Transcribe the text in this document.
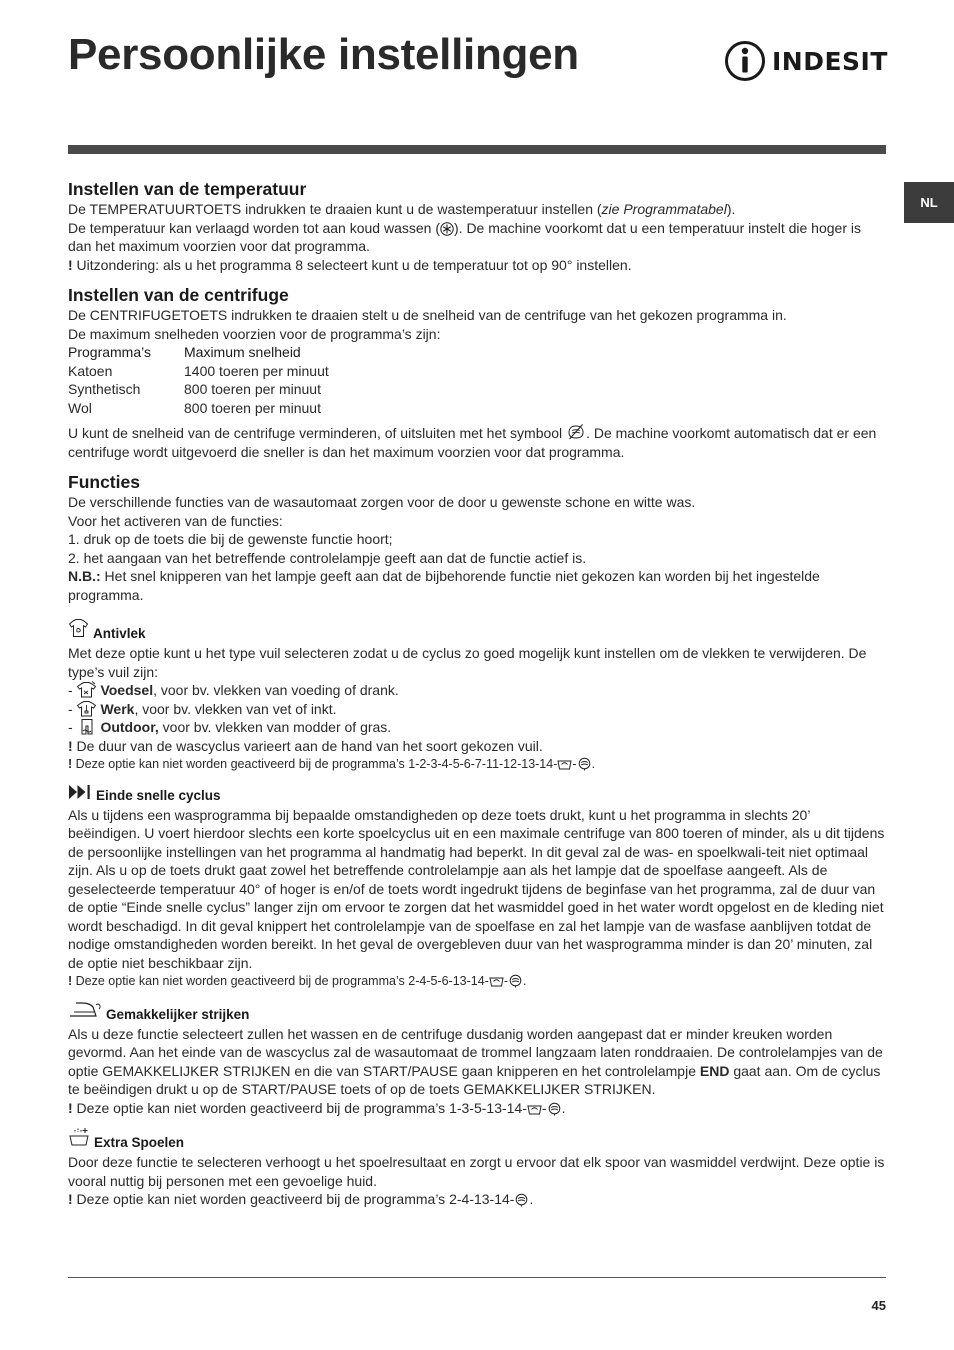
Persoonlijke instellingen	INDESIT
NL
Instellen van de temperatuur

De TEMPERATUURTOETS indrukken te draaien kunt u de wastemperatuur instellen (zie Programmatabel).

De temperatuur kan verlaagd worden tot aan koud wassen ( ). De machine voorkomt dat u een temperatuur instelt die hoger is dan het maximum voorzien voor dat programma.

! Uitzondering: als u het programma 8 selecteert kunt u de temperatuur tot op 90° instellen.

Instellen van de centrifuge

De CENTRIFUGETOETS indrukken te draaien stelt u de snelheid van de centrifuge van het gekozen programma in.

De maximum snelheden voorzien voor de programma’s zijn:

Programma’s	Maximum snelheid
Katoen	1400 toeren per minuut
Synthetisch	800 toeren per minuut
Wol	800 toeren per minuut

U kunt de snelheid van de centrifuge verminderen, of uitsluiten met het symbool . De machine voorkomt automatisch dat er een centrifuge wordt uitgevoerd die sneller is dan het maximum voorzien voor dat programma.

Functies

De verschillende functies van de wasautomaat zorgen voor de door u gewenste schone en witte was.

Voor het activeren van de functies:

1. druk op de toets die bij de gewenste functie hoort;

2. het aangaan van het betreffende controlelampje geeft aan dat de functie actief is.

N.B.: Het snel knipperen van het lampje geeft aan dat de bijbehorende functie niet gekozen kan worden bij het ingestelde programma.

Antivlek

Met deze optie kunt u het type vuil selecteren zodat u de cyclus zo goed mogelijk kunt instellen om de vlekken te verwijderen. De type’s vuil zijn:

- Voedsel, voor bv. vlekken van voeding of drank.

- Werk, voor bv. vlekken van vet of inkt.

- Outdoor, voor bv. vlekken van modder of gras.

! De duur van de wascyclus varieert aan de hand van het soort gekozen vuil.

! Deze optie kan niet worden geactiveerd bij de programma’s 1-2-3-4-5-6-7-11-12-13-14- - .

Einde snelle cyclus

Als u tijdens een wasprogramma bij bepaalde omstandigheden op deze toets drukt, kunt u het programma in slechts 20’ beëindigen. U voert hierdoor slechts een korte spoelcyclus uit en een maximale centrifuge van 800 toeren of minder, als u dit tijdens de persoonlijke instellingen van het programma al handmatig had beperkt. In dit geval zal de was- en spoelkwali-teit niet optimaal zijn. Als u op de toets drukt gaat zowel het betreffende controlelampje aan als het lampje dat de spoelfase aangeeft. Als de geselecteerde temperatuur 40° of hoger is en/of de toets wordt ingedrukt tijdens de beginfase van het programma, zal de duur van de optie “Einde snelle cyclus” langer zijn om ervoor te zorgen dat het wasmiddel goed in het water wordt opgelost en de kleding niet wordt beschadigd. In dit geval knippert het controlelampje van de spoelfase en zal het lampje van de wasfase aanblijven totdat de nodige omstandigheden worden bereikt. In het geval de overgebleven duur van het wasprogramma minder is dan 20’ minuten, zal de optie niet beschikbaar zijn.

! Deze optie kan niet worden geactiveerd bij de programma’s 2-4-5-6-13-14- - .

Gemakkelijker strijken

Als u deze functie selecteert zullen het wassen en de centrifuge dusdanig worden aangepast dat er minder kreuken worden gevormd. Aan het einde van de wascyclus zal de wasautomaat de trommel langzaam laten ronddraaien. De controlelampjes van de optie GEMAKKELIJKER STRIJKEN en die van START/PAUSE gaan knipperen en het controlelampje END gaat aan. Om de cyclus te beëindigen drukt u op de START/PAUSE toets of op de toets GEMAKKELIJKER STRIJKEN.

! Deze optie kan niet worden geactiveerd bij de programma’s 1-3-5-13-14- - .

Extra Spoelen

Door deze functie te selecteren verhoogt u het spoelresultaat en zorgt u ervoor dat elk spoor van wasmiddel verdwijnt. Deze optie is vooral nuttig bij personen met een gevoelige huid.

! Deze optie kan niet worden geactiveerd bij de programma’s 2-4-13-14- .

45
